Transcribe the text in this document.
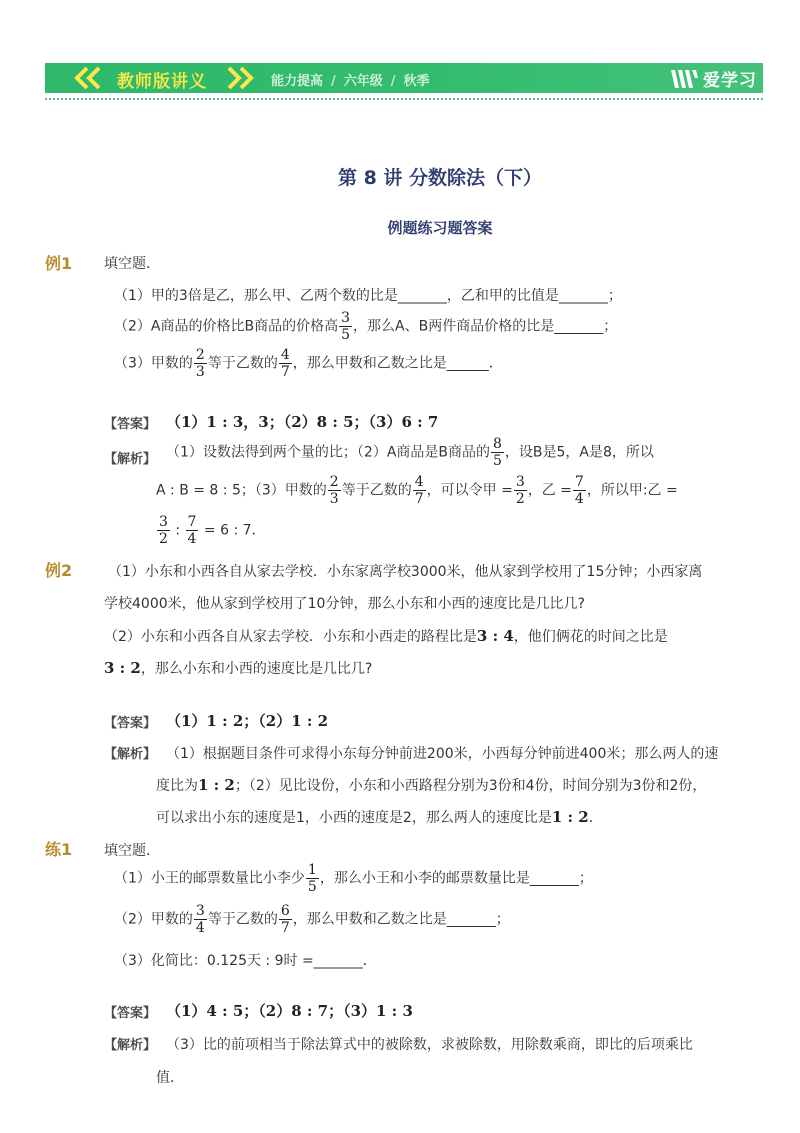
教师版讲义	能力提高 / 六年级 / 秋季	爱学习
第 8 讲 分数除法（下）
例题练习题答案
例1 填空题．
（1）甲的3倍是乙，那么甲、乙两个数的比是_______，乙和甲的比值是_______；
（2）A商品的价格比B商品的价格高 $\frac{3}{5}$ ，那么A、B两件商品价格的比是_______；
（3）甲数的 $\frac{2}{3}$ 等于乙数的 $\frac{4}{7}$ ，那么甲数和乙数之比是______．
【答案】 （1）1 : 3，3；（2）8 : 5；（3）6 : 7
【解析】 （1）设数法得到两个量的比；（2）A商品是B商品的 $\frac{8}{5}$ ，设B是5，A是8，所以
A : B = 8 : 5；（3）甲数的 $\frac{2}{3}$ 等于乙数的 $\frac{4}{7}$ ，可以令甲 = $\frac{3}{2}$ ，乙 = $\frac{7}{4}$ ，所以甲:乙 =
$\frac{3}{2}$ : $\frac{7}{4} = 6$ : 7．
例2	（1）小东和小西各自从家去学校．小东家离学校3000米，他从家到学校用了15分钟；小西家离
学校4000米，他从家到学校用了10分钟，那么小东和小西的速度比是几比几?
（2）小东和小西各自从家去学校．小东和小西走的路程比是3 : 4，他们俩花的时间之比是
3 : 2，那么小东和小西的速度比是几比几?
【答案】 （1）1 : 2；（2）1 : 2
【解析】 （1）根据题目条件可求得小东每分钟前进200米，小西每分钟前进400米；那么两人的速
度比为1 : 2；（2）见比设份，小东和小西路程分别为3份和4份，时间分别为3份和2份，
可以求出小东的速度是1，小西的速度是2，那么两人的速度比是1 : 2．
练1 填空题．
（1）小王的邮票数量比小李少 $\frac{1}{5}$ ，那么小王和小李的邮票数量比是_______；
（2）甲数的 $\frac{3}{4}$ 等于乙数的 $\frac{6}{7}$ ，那么甲数和乙数之比是_______；
（3）化简比：0.125天 : 9时 =_______．
【答案】 （1）4 : 5；（2）8 : 7；（3）1 : 3
【解析】 （3）比的前项相当于除法算式中的被除数，求被除数，用除数乘商，即比的后项乘比
值．
